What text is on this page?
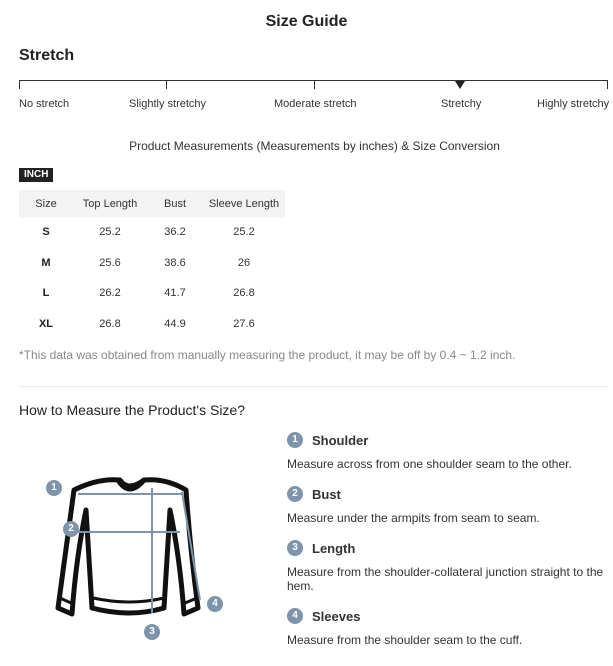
Size Guide
Stretch
No stretch	Slightly stretchy	Moderate stretch	Stretchy	Highly stretchy
Product Measurements (Measurements by inches) & Size Conversion
INCH
Size	Top Length	Bust	Sleeve Length
S	25.2	36.2	25.2
M	25.6	38.6	26
L	26.2	41.7	26.8
XL	26.8	44.9	27.6
*This data was obtained from manually measuring the product, it may be off by 0.4 ~ 1.2 inch.
How to Measure the Product's Size?
1
2
3
4
1	Shoulder
Measure across from one shoulder seam to the other.
2	Bust
Measure under the armpits from seam to seam.
3	Length
Measure from the shoulder-collateral junction straight to the hem.
4	Sleeves
Measure from the shoulder seam to the cuff.
